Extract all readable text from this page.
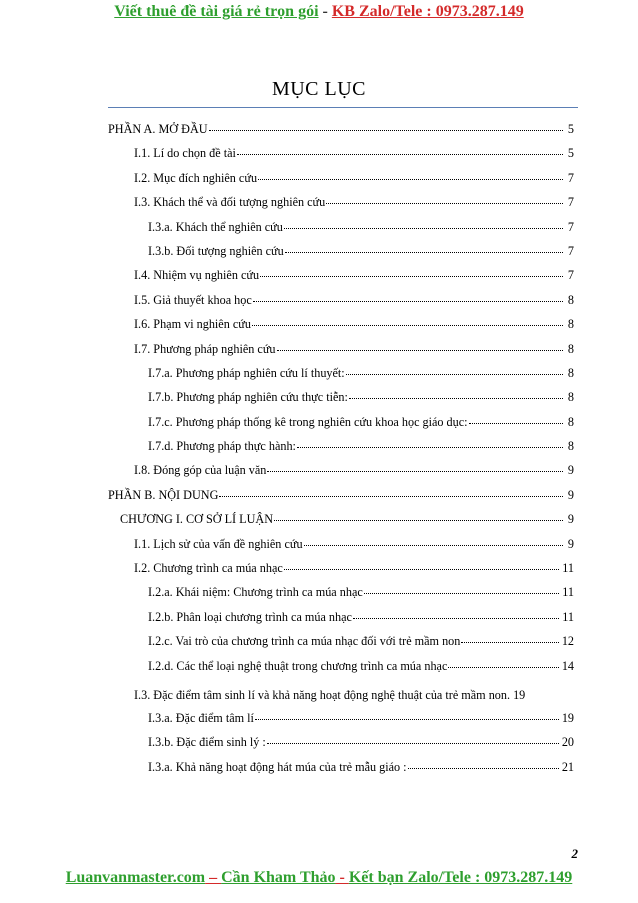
Viết thuê đề tài giá rẻ trọn gói - KB Zalo/Tele : 0973.287.149
MỤC LỤC
PHẦN A. MỞ ĐẦU	5
I.1. Lí do chọn đề tài	5
I.2. Mục đích nghiên cứu	7
I.3. Khách thể và đối tượng nghiên cứu	7
I.3.a. Khách thể nghiên cứu	7
I.3.b. Đối tượng nghiên cứu	7
I.4. Nhiệm vụ nghiên cứu	7
I.5. Giả thuyết khoa học	8
I.6. Phạm vi nghiên cứu	8
I.7. Phương pháp nghiên cứu	8
I.7.a. Phương pháp nghiên cứu lí thuyết:	8
I.7.b. Phương pháp nghiên cứu thực tiễn:	8
I.7.c. Phương pháp thống kê trong nghiên cứu khoa học giáo dục:	8
I.7.d. Phương pháp thực hành:	8
I.8. Đóng góp của luận văn	9
PHẦN B. NỘI DUNG	9
CHƯƠNG I. CƠ SỞ LÍ LUẬN	9
I.1. Lịch sử của vấn đề nghiên cứu	9
I.2. Chương trình ca múa nhạc	11
I.2.a. Khái niệm: Chương trình ca múa nhạc	11
I.2.b. Phân loại chương trình ca múa nhạc	11
I.2.c. Vai trò của chương trình ca múa nhạc đối với trẻ mầm non	12
I.2.d. Các thể loại nghệ thuật trong chương trình ca múa nhạc	14
I.3. Đặc điểm tâm sinh lí và khả năng hoạt động nghệ thuật của trẻ mầm non. 19
I.3.a. Đặc điểm tâm lí	19
I.3.b. Đặc điểm sinh lý :	20
I.3.a. Khả năng hoạt động hát múa của trẻ mẫu giáo :	21
2
Luanvanmaster.com – Cần Kham Thảo - Kết bạn Zalo/Tele : 0973.287.149
